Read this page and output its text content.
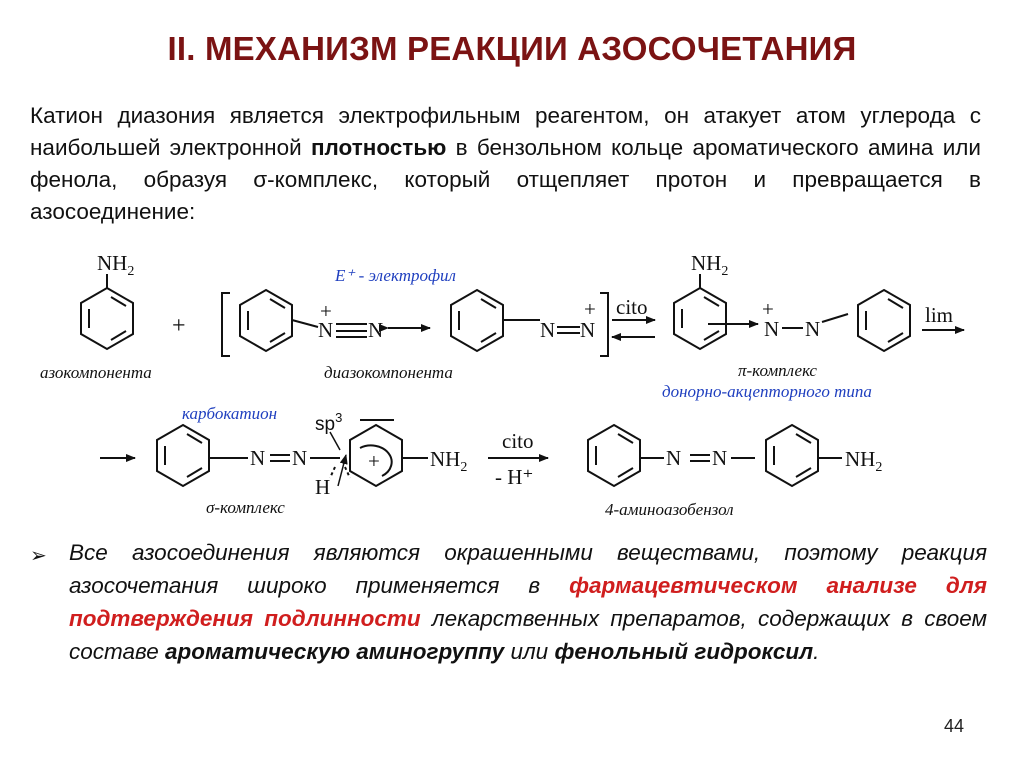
II. МЕХАНИЗМ РЕАКЦИИ АЗОСОЧЕТАНИЯ
Катион диазония является электрофильным реагентом, он атакует атом углерода с наибольшей электронной плотностью в бензольном кольце ароматического амина или фенола, образуя σ-комплекс, который отщепляет протон и превращается в азосоединение:
$NH_2$
+
+
N N	N N
+ cito
$NH_2$
+
N N
lim
N N	+ $NH_2$
H
cito
- H⁺
N N	$NH_2$
$sp^3$
азокомпонента	диазокомпонента	π-комплекс
σ-комплекс	4-аминоазобензол
E⁺ - электрофил
донорно-акцепторного типа
карбокатион
➢ Все азосоединения являются окрашенными веществами, поэтому реакция азосочетания широко применяется в фармацевтическом анализе для подтверждения подлинности лекарственных препаратов, содержащих в своем составе ароматическую аминогруппу или фенольный гидроксил.
44
